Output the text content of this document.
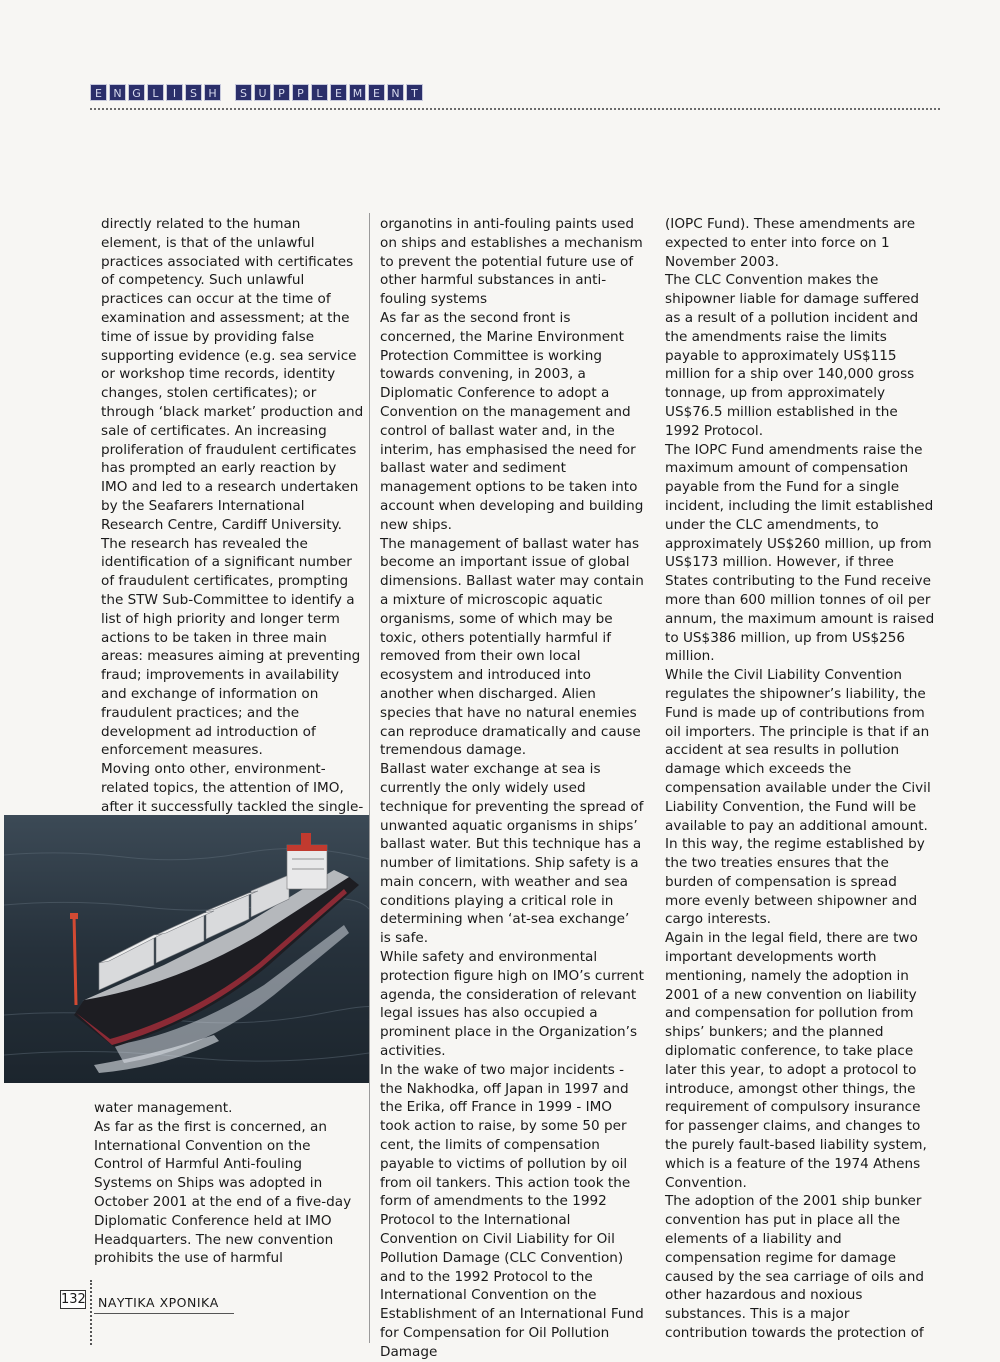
E N G L I S H	S U P P L E M E N T

directly related to the human element, is that of the unlawful practices associated with certificates of competency. Such unlawful practices can occur at the time of examination and assessment; at the time of issue by providing false supporting evidence (e.g. sea service or workshop time records, identity changes, stolen certificates); or through ‘black market’ production and sale of certificates. An increasing proliferation of fraudulent certificates has prompted an early reaction by IMO and led to a research undertaken by the Seafarers International Research Centre, Cardiff University. The research has revealed the identification of a significant number of fraudulent certificates, prompting the STW Sub-Committee to identify a list of high priority and longer term actions to be taken in three main areas: measures aiming at preventing fraud; improvements in availability and exchange of information on fraudulent practices; and the development ad introduction of enforcement measures.

Moving onto other, environment-related topics, the attention of IMO, after it successfully tackled the single-

water management.

As far as the first is concerned, an International Convention on the Control of Harmful Anti-fouling Systems on Ships was adopted in October 2001 at the end of a five-day Diplomatic Conference held at IMO Headquarters. The new convention prohibits the use of harmful

organotins in anti-fouling paints used on ships and establishes a mechanism to prevent the potential future use of other harmful substances in anti-fouling systems

As far as the second front is concerned, the Marine Environment Protection Committee is working towards convening, in 2003, a Diplomatic Conference to adopt a Convention on the management and control of ballast water and, in the interim, has emphasised the need for ballast water and sediment management options to be taken into account when developing and building new ships.

The management of ballast water has become an important issue of global dimensions. Ballast water may contain a mixture of microscopic aquatic organisms, some of which may be toxic, others potentially harmful if removed from their own local ecosystem and introduced into another when discharged. Alien species that have no natural enemies can reproduce dramatically and cause tremendous damage.

Ballast water exchange at sea is currently the only widely used technique for preventing the spread of unwanted aquatic organisms in ships’ ballast water. But this technique has a number of limitations. Ship safety is a main concern, with weather and sea conditions playing a critical role in determining when ‘at-sea exchange’ is safe.

While safety and environmental protection figure high on IMO’s current agenda, the consideration of relevant legal issues has also occupied a prominent place in the Organization’s activities.

In the wake of two major incidents - the Nakhodka, off Japan in 1997 and the Erika, off France in 1999 - IMO took action to raise, by some 50 per cent, the limits of compensation payable to victims of pollution by oil from oil tankers. This action took the form of amendments to the 1992 Protocol to the International Convention on Civil Liability for Oil Pollution Damage (CLC Convention) and to the 1992 Protocol to the International Convention on the Establishment of an International Fund for Compensation for Oil Pollution Damage

(IOPC Fund). These amendments are expected to enter into force on 1 November 2003.

The CLC Convention makes the shipowner liable for damage suffered as a result of a pollution incident and the amendments raise the limits payable to approximately US$115 million for a ship over 140,000 gross tonnage, up from approximately US$76.5 million established in the 1992 Protocol.

The IOPC Fund amendments raise the maximum amount of compensation payable from the Fund for a single incident, including the limit established under the CLC amendments, to approximately US$260 million, up from US$173 million. However, if three States contributing to the Fund receive more than 600 million tonnes of oil per annum, the maximum amount is raised to US$386 million, up from US$256 million.

While the Civil Liability Convention regulates the shipowner’s liability, the Fund is made up of contributions from oil importers. The principle is that if an accident at sea results in pollution damage which exceeds the compensation available under the Civil Liability Convention, the Fund will be available to pay an additional amount. In this way, the regime established by the two treaties ensures that the burden of compensation is spread more evenly between shipowner and cargo interests.

Again in the legal field, there are two important developments worth mentioning, namely the adoption in 2001 of a new convention on liability and compensation for pollution from ships’ bunkers; and the planned diplomatic conference, to take place later this year, to adopt a protocol to introduce, amongst other things, the requirement of compulsory insurance for passenger claims, and changes to the purely fault-based liability system, which is a feature of the 1974 Athens Convention.

The adoption of the 2001 ship bunker convention has put in place all the elements of a liability and compensation regime for damage caused by the sea carriage of oils and other hazardous and noxious substances. This is a major contribution towards the protection of

132 ΝΑΥΤΙΚΑ ΧΡΟΝΙΚΑ
